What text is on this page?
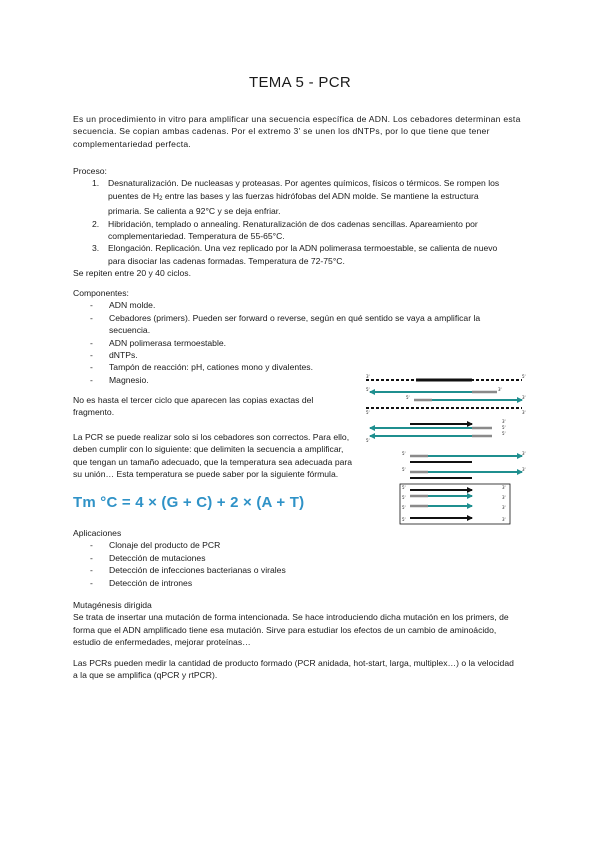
TEMA 5 - PCR

Es un procedimiento in vitro para amplificar una secuencia específica de ADN. Los cebadores determinan esta secuencia. Se copian ambas cadenas. Por el extremo 3' se unen los dNTPs, por lo que tiene que tener complementariedad perfecta.

Proceso:

1. Desnaturalización. De nucleasas y proteasas. Por agentes químicos, físicos o térmicos. Se rompen los puentes de $H_2$ entre las bases y las fuerzas hidrófobas del ADN molde. Se mantiene la estructura primaria. Se calienta a 92°C y se deja enfriar.
2. Hibridación, templado o annealing. Renaturalización de dos cadenas sencillas. Apareamiento por complementariedad. Temperatura de 55-65°C.
3. Elongación. Replicación. Una vez replicado por la ADN polimerasa termoestable, se calienta de nuevo para disociar las cadenas formadas. Temperatura de 72-75°C.

Se repiten entre 20 y 40 ciclos.

Componentes:

- ADN molde.
- Cebadores (primers). Pueden ser forward o reverse, según en qué sentido se vaya a amplificar la secuencia.
- ADN polimerasa termoestable.
- dNTPs.
- Tampón de reacción: pH, cationes mono y divalentes.
- Magnesio.

No es hasta el tercer ciclo que aparecen las copias exactas del fragmento.

La PCR se puede realizar solo si los cebadores son correctos. Para ello, deben cumplir con lo siguiente: que delimiten la secuencia a amplificar, que tengan un tamaño adecuado, que la temperatura sea adecuada para su unión… Esta temperatura se puede saber por la siguiente fórmula.

Tm °C = 4 × (G + C) + 2 × (A + T)

Aplicaciones

- Clonaje del producto de PCR
- Detección de mutaciones
- Detección de infecciones bacterianas o virales
- Detección de intrones

Mutagénesis dirigida

Se trata de insertar una mutación de forma intencionada. Se hace introduciendo dicha mutación en los primers, de forma que el ADN amplificado tiene esa mutación. Sirve para estudiar los efectos de un cambio de aminoácido, estudio de enfermedades, mejorar proteínas…

Las PCRs pueden medir la cantidad de producto formado (PCR anidada, hot-start, larga, multiplex…) o la velocidad a la que se amplifica (qPCR y rtPCR).

3'	5'
5'	3'
5'	3'
5'	3'
3'
5'
5'
5'
5'	3'
5'	3'
5'	3'
5'	3'
5'	3'
5'	3'
